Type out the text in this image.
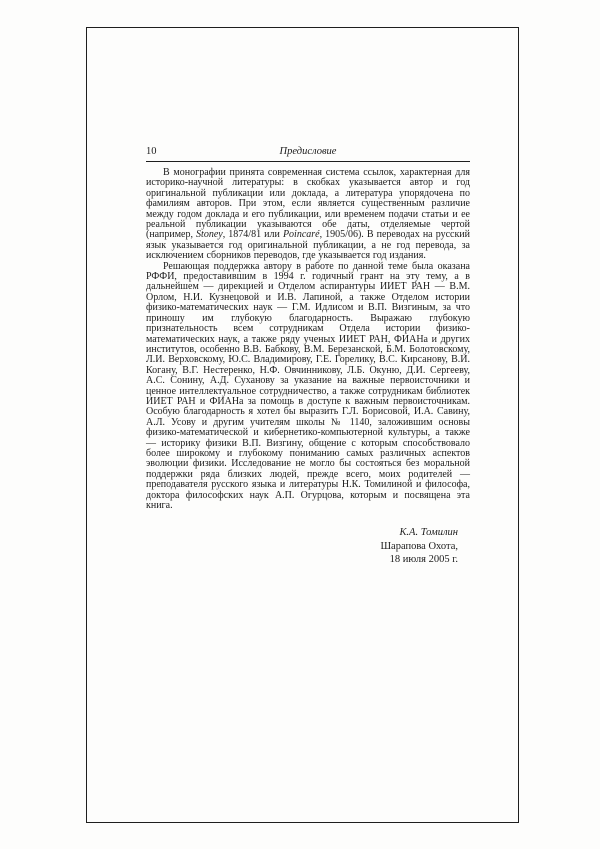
10	Предисловие

В монографии принята современная система ссылок, характерная для историко-научной литературы: в скобках указывается автор и год оригинальной публикации или доклада, а литература упорядочена по фамилиям авторов. При этом, если является существенным различие между годом доклада и его публикации, или временем подачи статьи и ее реальной публикации указываются обе даты, отделяемые чертой (например, Stoney, 1874/81 или Poincaré, 1905/06). В переводах на русский язык указывается год оригинальной публикации, а не год перевода, за исключением сборников переводов, где указывается год издания.

Решающая поддержка автору в работе по данной теме была оказана РФФИ, предоставившим в 1994 г. годичный грант на эту тему, а в дальнейшем — дирекцией и Отделом аспирантуры ИИЕТ РАН — В.М. Орлом, Н.И. Кузнецовой и И.В. Лапиной, а также Отделом истории физико-математических наук — Г.М. Идлисом и В.П. Визгиным, за что приношу им глубокую благодарность. Выражаю глубокую признательность всем сотрудникам Отдела истории физико-математических наук, а также ряду ученых ИИЕТ РАН, ФИАНа и других институтов, особенно В.В. Бабкову, В.М. Березанской, Б.М. Болотовскому, Л.И. Верховскому, Ю.С. Владимирову, Г.Е. Горелику, В.С. Кирсанову, В.И. Когану, В.Г. Нестеренко, Н.Ф. Овчинникову, Л.Б. Окуню, Д.И. Сергееву, А.С. Сонину, А.Д. Суханову за указание на важные первоисточники и ценное интеллектуальное сотрудничество, а также сотрудникам библиотек ИИЕТ РАН и ФИАНа за помощь в доступе к важным первоисточникам. Особую благодарность я хотел бы выразить Г.Л. Борисовой, И.А. Савину, А.Л. Усову и другим учителям школы № 1140, заложившим основы физико-математической и кибернетико-компьютерной культуры, а также — историку физики В.П. Визгину, общение с которым способствовало более широкому и глубокому пониманию самых различных аспектов эволюции физики. Исследование не могло бы состояться без моральной поддержки ряда близких людей, прежде всего, моих родителей — преподавателя русского языка и литературы Н.К. Томилиной и философа, доктора философских наук А.П. Огурцова, которым и посвящена эта книга.

К.А. Томилин
Шарапова Охота,
18 июля 2005 г.
